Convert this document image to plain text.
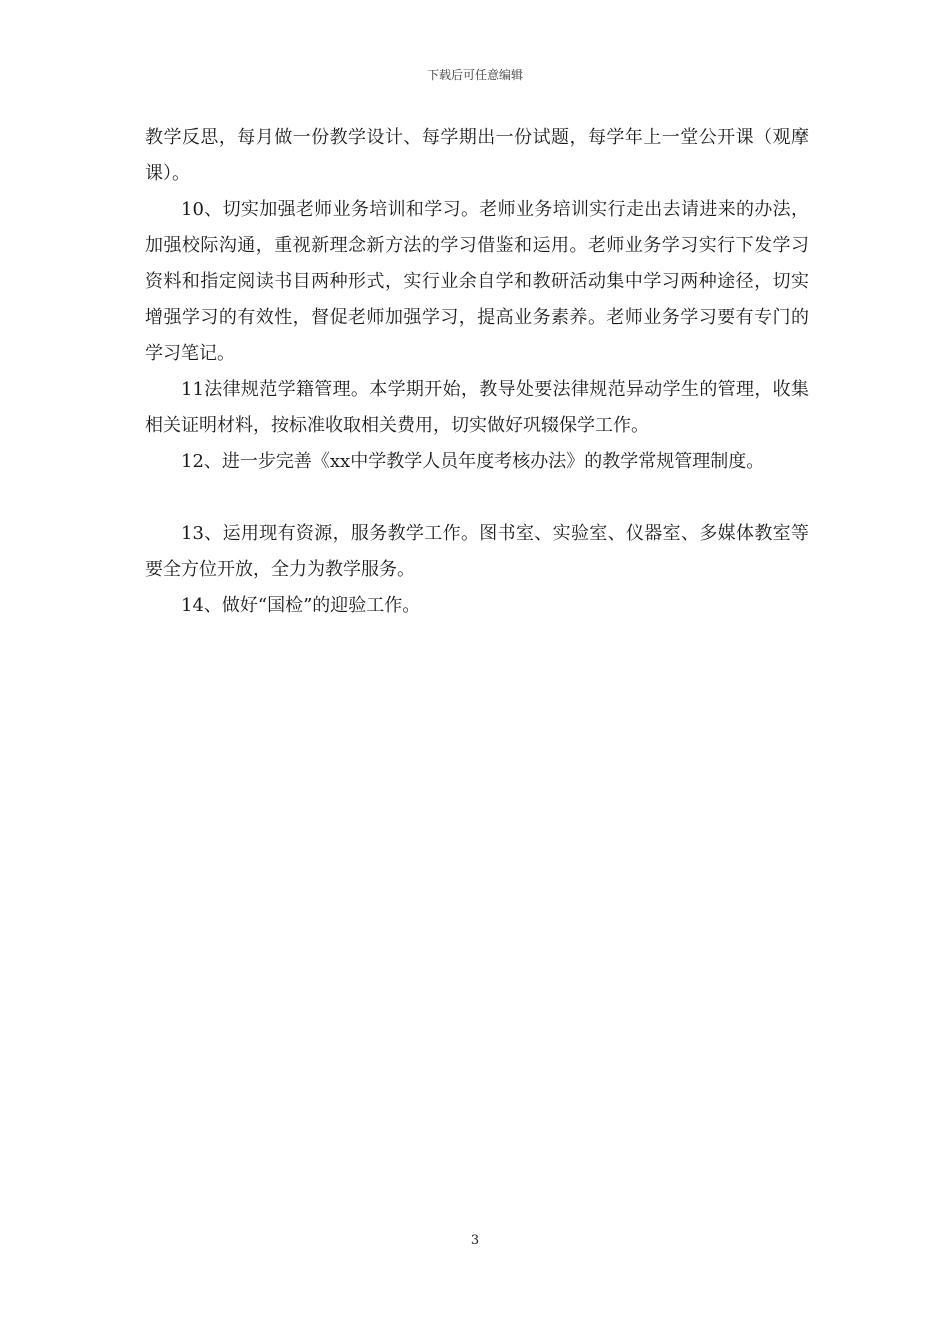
下载后可任意编辑

教学反思，每月做一份教学设计、每学期出一份试题，每学年上一堂公开课（观摩课）。

10、切实加强老师业务培训和学习。老师业务培训实行走出去请进来的办法，加强校际沟通，重视新理念新方法的学习借鉴和运用。老师业务学习实行下发学习资料和指定阅读书目两种形式，实行业余自学和教研活动集中学习两种途径，切实增强学习的有效性，督促老师加强学习，提高业务素养。老师业务学习要有专门的学习笔记。

11法律规范学籍管理。本学期开始，教导处要法律规范异动学生的管理，收集相关证明材料，按标准收取相关费用，切实做好巩辍保学工作。

12、进一步完善《xx中学教学人员年度考核办法》的教学常规管理制度。

13、运用现有资源，服务教学工作。图书室、实验室、仪器室、多媒体教室等要全方位开放，全力为教学服务。

14、做好“国检”的迎验工作。

3
